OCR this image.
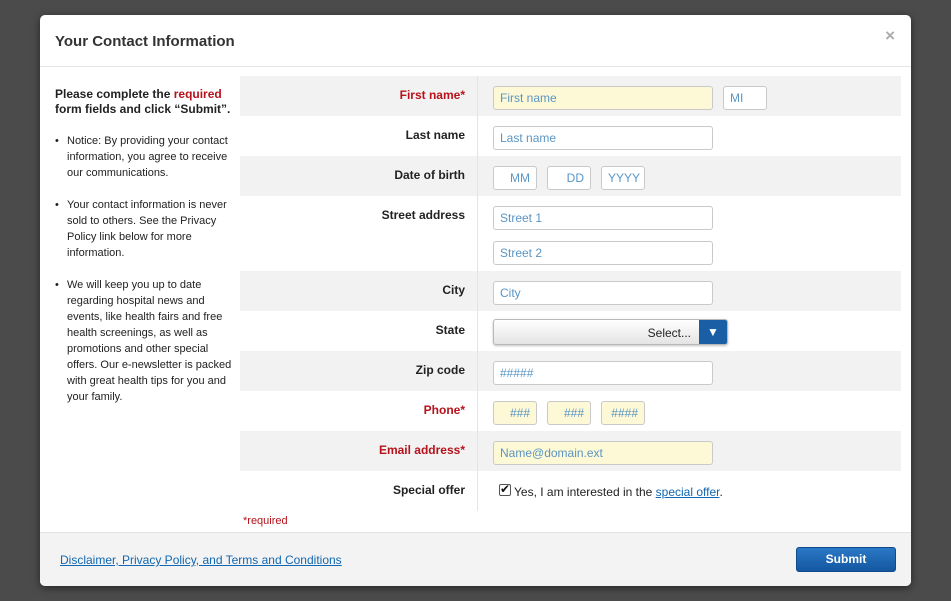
Your Contact Information	×

Please complete the required form fields and click “Submit”.

• Notice: By providing your contact information, you agree to receive our communications.
• Your contact information is never sold to others. See the Privacy Policy link below for more information.
• We will keep you up to date regarding hospital news and events, like health fairs and free health screenings, as well as promotions and other special offers. Our e-newsletter is packed with great health tips for you and your family.
First name*	First name	MI
Last name	Last name
Date of birth	MM	DD	YYYY
Street address	Street 1
Street 2
City	City
State	Select...	▼
Zip code	#####
Phone*	###	###	####
Email address*	Name@domain.ext
Special offer
✔	Yes, I am interested in the special offer.
*required
Disclaimer, Privacy Policy, and Terms and Conditions	Submit
